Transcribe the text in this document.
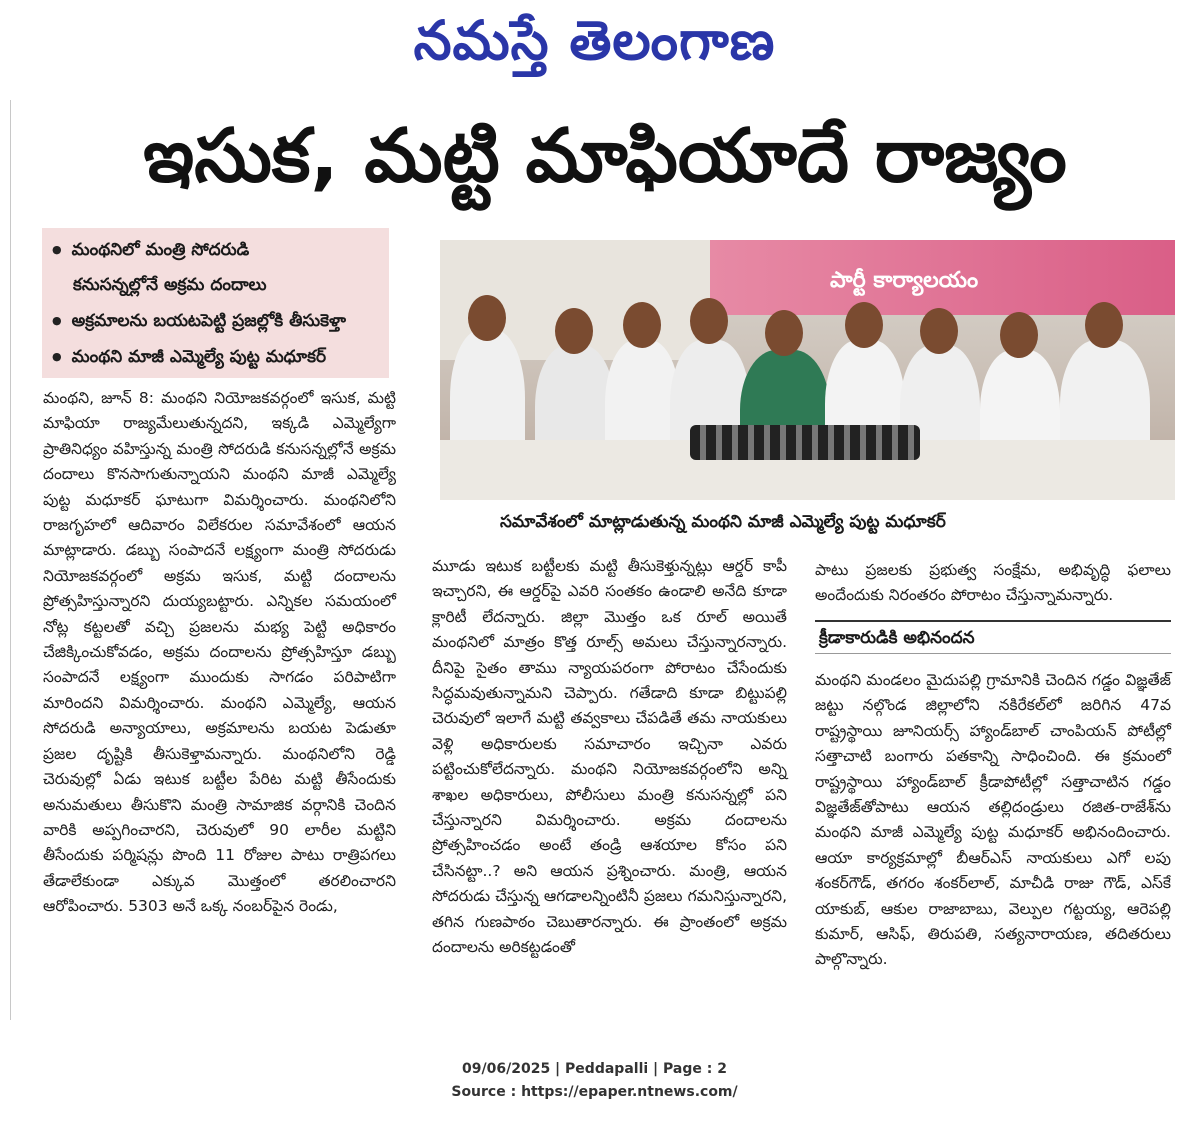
నమస్తే తెలంగాణ
ఇసుక, మట్టి మాఫియాదే రాజ్యం
● మంథనిలో మంత్రి సోదరుడి
కనుసన్నల్లోనే అక్రమ దందాలు
● అక్రమాలను బయటపెట్టి ప్రజల్లోకి తీసుకెళ్తా
● మంథని మాజీ ఎమ్మెల్యే పుట్ట మధూకర్
పార్టీ కార్యాలయం
సమావేశంలో మాట్లాడుతున్న మంథని మాజీ ఎమ్మెల్యే పుట్ట మధూకర్

మంథని, జూన్ 8: మంథని నియోజకవర్గంలో ఇసుక, మట్టి మాఫియా రాజ్యమేలుతున్నదని, ఇక్కడి ఎమ్మెల్యేగా ప్రాతినిధ్యం వహిస్తున్న మంత్రి సోదరుడి కనుసన్నల్లోనే అక్రమ దందాలు కొనసాగుతున్నాయని మంథని మాజీ ఎమ్మెల్యే పుట్ట మధూకర్ ఘాటుగా విమర్శించారు. మంథనిలోని రాజగృహలో ఆదివారం విలేకరుల సమావేశంలో ఆయన మాట్లాడారు. డబ్బు సంపాదనే లక్ష్యంగా మంత్రి సోదరుడు నియోజకవర్గంలో అక్రమ ఇసుక, మట్టి దందాలను ప్రోత్సహిస్తున్నారని దుయ్యబట్టారు. ఎన్నికల సమయంలో నోట్ల కట్టలతో వచ్చి ప్రజలను మభ్య పెట్టి అధికారం చేజిక్కించుకోవడం, అక్రమ దందాలను ప్రోత్సహిస్తూ డబ్బు సంపాదనే లక్ష్యంగా ముందుకు సాగడం పరిపాటిగా మారిందని విమర్శించారు. మంథని ఎమ్మెల్యే, ఆయన సోదరుడి అన్యాయాలు, అక్రమాలను బయట పెడుతూ ప్రజల దృష్టికి తీసుకెళ్తామన్నారు. మంథనిలోని రెడ్డి చెరువుల్లో ఏడు ఇటుక బట్టీల పేరిట మట్టి తీసేందుకు అనుమతులు తీసుకొని మంత్రి సామాజిక వర్గానికి చెందిన వారికి అప్పగించారని, చెరువులో 90 లారీల మట్టిని తీసేందుకు పర్మిషన్లు పొంది 11 రోజుల పాటు రాత్రిపగలు తేడాలేకుండా ఎక్కువ మొత్తంలో తరలించారని ఆరోపించారు. 5303 అనే ఒక్క నంబర్‌పైన రెండు,

మూడు ఇటుక బట్టీలకు మట్టి తీసుకెళ్తున్నట్లు ఆర్డర్ కాపీ ఇచ్చారని, ఈ ఆర్డర్‌పై ఎవరి సంతకం ఉండాలి అనేది కూడా క్లారిటీ లేదన్నారు. జిల్లా మొత్తం ఒక రూల్ అయితే మంథనిలో మాత్రం కొత్త రూల్స్ అమలు చేస్తున్నారన్నారు. దీనిపై సైతం తాము న్యాయపరంగా పోరాటం చేసేందుకు సిద్ధమవుతున్నామని చెప్పారు. గతేడాది కూడా బిట్టుపల్లి చెరువులో ఇలాగే మట్టి తవ్వకాలు చేపడితే తమ నాయకులు వెళ్లి అధికారులకు సమాచారం ఇచ్చినా ఎవరు పట్టించుకోలేదన్నారు. మంథని నియోజకవర్గంలోని అన్ని శాఖల అధికారులు, పోలీసులు మంత్రి కనుసన్నల్లో పని చేస్తున్నారని విమర్శించారు. అక్రమ దందాలను ప్రోత్సహించడం అంటే తండ్రి ఆశయాల కోసం పని చేసినట్టా..? అని ఆయన ప్రశ్నించారు. మంత్రి, ఆయన సోదరుడు చేస్తున్న ఆగడాలన్నింటినీ ప్రజలు గమనిస్తున్నారని, తగిన గుణపాఠం చెబుతారన్నారు. ఈ ప్రాంతంలో అక్రమ దందాలను అరికట్టడంతో

పాటు ప్రజలకు ప్రభుత్వ సంక్షేమ, అభివృద్ధి ఫలాలు అందేందుకు నిరంతరం పోరాటం చేస్తున్నామన్నారు.

క్రీడాకారుడికి అభినందన

మంథని మండలం మైదుపల్లి గ్రామానికి చెందిన గడ్డం విజ్ఞతేజ్ జట్టు నల్గొండ జిల్లాలోని నకిరేకల్‌లో జరిగిన 47వ రాష్ట్రస్థాయి జూనియర్స్ హ్యాండ్‌బాల్ చాంపియన్ పోటీల్లో సత్తాచాటి బంగారు పతకాన్ని సాధించింది. ఈ క్రమంలో రాష్ట్రస్థాయి హ్యాండ్‌బాల్ క్రీడాపోటీల్లో సత్తాచాటిన గడ్డం విజ్ఞతేజ్‌తోపాటు ఆయన తల్లిదండ్రులు రజిత-రాజేశ్‌ను మంథని మాజీ ఎమ్మెల్యే పుట్ట మధూకర్ అభినందించారు. ఆయా కార్యక్రమాల్లో బీఆర్‌ఎస్ నాయకులు ఎగో లపు శంకర్‌గౌడ్, తగరం శంకర్‌లాల్, మాచీడి రాజు గౌడ్, ఎస్‌కే యాకుబ్, ఆకుల రాజాబాబు, వెల్పుల గట్టయ్య, ఆరెపల్లి కుమార్, ఆసిఫ్, తిరుపతి, సత్యనారాయణ, తదితరులు పాల్గొన్నారు.

09/06/2025 | Peddapalli | Page : 2
Source : https://epaper.ntnews.com/
